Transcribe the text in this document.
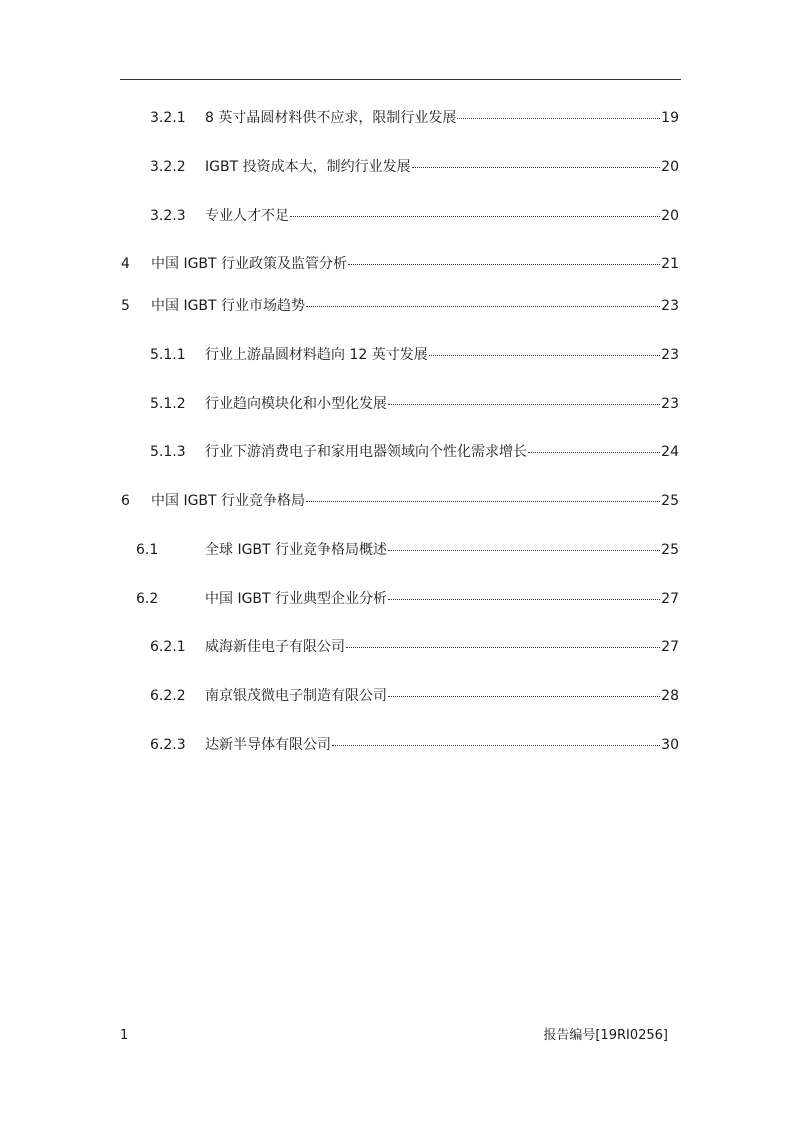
3.2.1 8 英寸晶圆材料供不应求，限制行业发展	19
3.2.2 IGBT 投资成本大，制约行业发展	20
3.2.3 专业人才不足	20
4 中国 IGBT 行业政策及监管分析	21
5 中国 IGBT 行业市场趋势	23
5.1.1 行业上游晶圆材料趋向 12 英寸发展	23
5.1.2 行业趋向模块化和小型化发展	23
5.1.3 行业下游消费电子和家用电器领域向个性化需求增长	24
6 中国 IGBT 行业竞争格局	25
6.1	全球 IGBT 行业竞争格局概述	25
6.2	中国 IGBT 行业典型企业分析	27
6.2.1 威海新佳电子有限公司	27
6.2.2 南京银茂微电子制造有限公司	28
6.2.3 达新半导体有限公司	30
1	报告编号[19RI0256]
